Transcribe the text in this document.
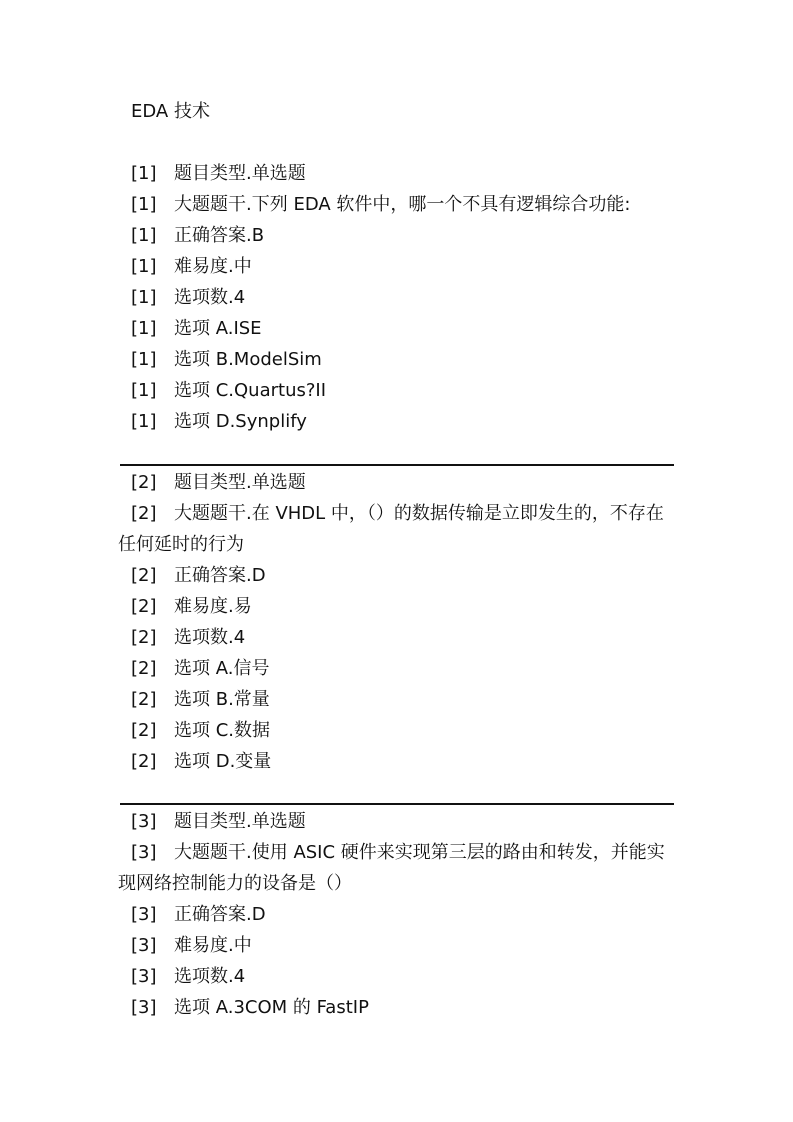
EDA 技术
[1] 题目类型.单选题
[1] 大题题干.下列 EDA 软件中，哪一个不具有逻辑综合功能:
[1] 正确答案.B
[1] 难易度.中
[1] 选项数.4
[1] 选项 A.ISE
[1] 选项 B.ModelSim
[1] 选项 C.Quartus?II
[1] 选项 D.Synplify
[2] 题目类型.单选题
[2] 大题题干.在 VHDL 中，（）的数据传输是立即发生的，不存在任何延时的行为
[2] 正确答案.D
[2] 难易度.易
[2] 选项数.4
[2] 选项 A.信号
[2] 选项 B.常量
[2] 选项 C.数据
[2] 选项 D.变量
[3] 题目类型.单选题
[3] 大题题干.使用 ASIC 硬件来实现第三层的路由和转发，并能实现网络控制能力的设备是（）
[3] 正确答案.D
[3] 难易度.中
[3] 选项数.4
[3] 选项 A.3COM 的 FastIP
